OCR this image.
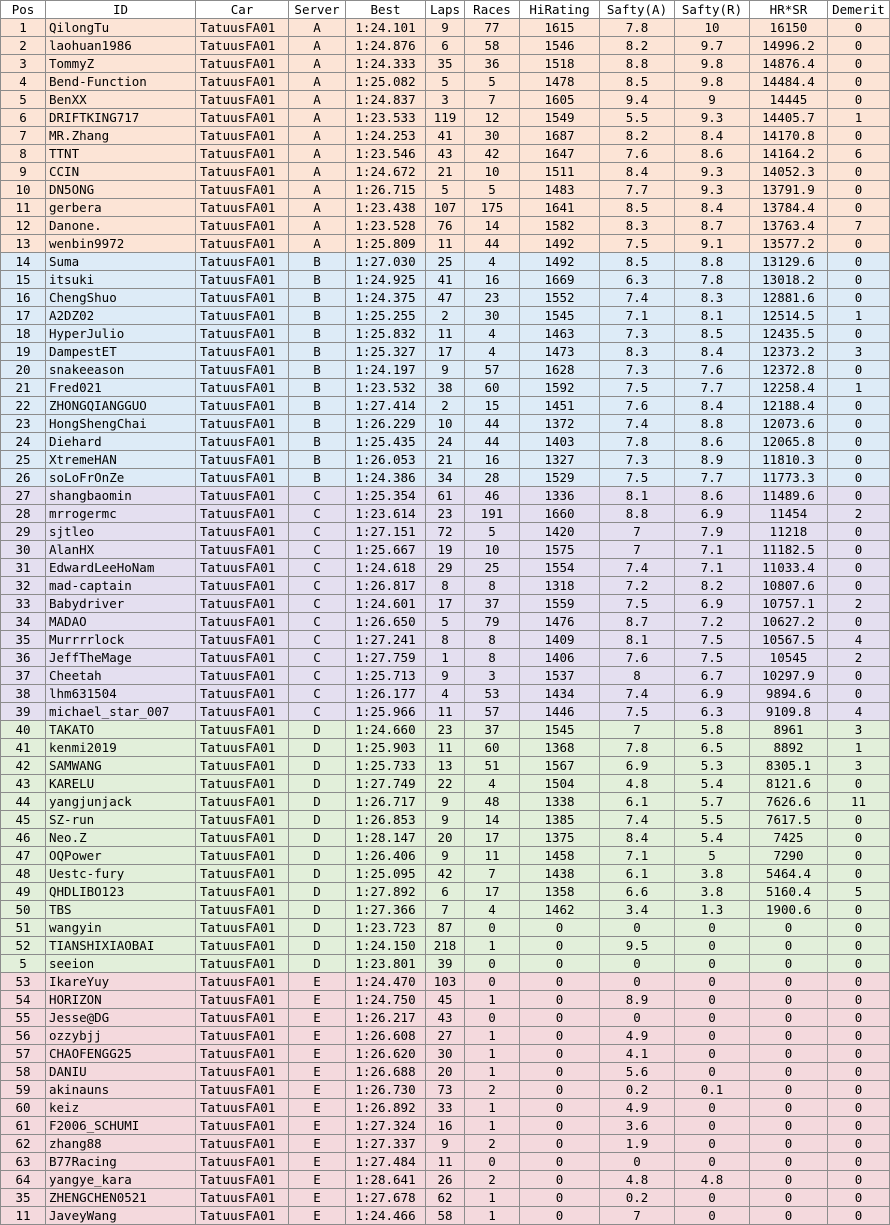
Pos	ID	Car	Server	Best	Laps	Races	HiRating	Safty(A)	Safty(R)	HR*SR	Demerit
1	QilongTu	TatuusFA01	A	1:24.101	9	77	1615	7.8	10	16150	0
2	laohuan1986	TatuusFA01	A	1:24.876	6	58	1546	8.2	9.7	14996.2	0
3	TommyZ	TatuusFA01	A	1:24.333	35	36	1518	8.8	9.8	14876.4	0
4	Bend-Function	TatuusFA01	A	1:25.082	5	5	1478	8.5	9.8	14484.4	0
5	BenXX	TatuusFA01	A	1:24.837	3	7	1605	9.4	9	14445	0
6	DRIFTKING717	TatuusFA01	A	1:23.533	119	12	1549	5.5	9.3	14405.7	1
7	MR.Zhang	TatuusFA01	A	1:24.253	41	30	1687	8.2	8.4	14170.8	0
8	TTNT	TatuusFA01	A	1:23.546	43	42	1647	7.6	8.6	14164.2	6
9	CCIN	TatuusFA01	A	1:24.672	21	10	1511	8.4	9.3	14052.3	0
10	DN5ONG	TatuusFA01	A	1:26.715	5	5	1483	7.7	9.3	13791.9	0
11	gerbera	TatuusFA01	A	1:23.438	107	175	1641	8.5	8.4	13784.4	0
12	Danone.	TatuusFA01	A	1:23.528	76	14	1582	8.3	8.7	13763.4	7
13	wenbin9972	TatuusFA01	A	1:25.809	11	44	1492	7.5	9.1	13577.2	0
14	Suma	TatuusFA01	B	1:27.030	25	4	1492	8.5	8.8	13129.6	0
15	itsuki	TatuusFA01	B	1:24.925	41	16	1669	6.3	7.8	13018.2	0
16	ChengShuo	TatuusFA01	B	1:24.375	47	23	1552	7.4	8.3	12881.6	0
17	A2DZ02	TatuusFA01	B	1:25.255	2	30	1545	7.1	8.1	12514.5	1
18	HyperJulio	TatuusFA01	B	1:25.832	11	4	1463	7.3	8.5	12435.5	0
19	DampestET	TatuusFA01	B	1:25.327	17	4	1473	8.3	8.4	12373.2	3
20	snakeeason	TatuusFA01	B	1:24.197	9	57	1628	7.3	7.6	12372.8	0
21	Fred021	TatuusFA01	B	1:23.532	38	60	1592	7.5	7.7	12258.4	1
22	ZHONGQIANGGUO	TatuusFA01	B	1:27.414	2	15	1451	7.6	8.4	12188.4	0
23	HongShengChai	TatuusFA01	B	1:26.229	10	44	1372	7.4	8.8	12073.6	0
24	Diehard	TatuusFA01	B	1:25.435	24	44	1403	7.8	8.6	12065.8	0
25	XtremeHAN	TatuusFA01	B	1:26.053	21	16	1327	7.3	8.9	11810.3	0
26	soLoFrOnZe	TatuusFA01	B	1:24.386	34	28	1529	7.5	7.7	11773.3	0
27	shangbaomin	TatuusFA01	C	1:25.354	61	46	1336	8.1	8.6	11489.6	0
28	mrrogermc	TatuusFA01	C	1:23.614	23	191	1660	8.8	6.9	11454	2
29	sjtleo	TatuusFA01	C	1:27.151	72	5	1420	7	7.9	11218	0
30	AlanHX	TatuusFA01	C	1:25.667	19	10	1575	7	7.1	11182.5	0
31	EdwardLeeHoNam	TatuusFA01	C	1:24.618	29	25	1554	7.4	7.1	11033.4	0
32	mad-captain	TatuusFA01	C	1:26.817	8	8	1318	7.2	8.2	10807.6	0
33	Babydriver	TatuusFA01	C	1:24.601	17	37	1559	7.5	6.9	10757.1	2
34	MADAO	TatuusFA01	C	1:26.650	5	79	1476	8.7	7.2	10627.2	0
35	Murrrrlock	TatuusFA01	C	1:27.241	8	8	1409	8.1	7.5	10567.5	4
36	JeffTheMage	TatuusFA01	C	1:27.759	1	8	1406	7.6	7.5	10545	2
37	Cheetah	TatuusFA01	C	1:25.713	9	3	1537	8	6.7	10297.9	0
38	lhm631504	TatuusFA01	C	1:26.177	4	53	1434	7.4	6.9	9894.6	0
39	michael_star_007	TatuusFA01	C	1:25.966	11	57	1446	7.5	6.3	9109.8	4
40	TAKATO	TatuusFA01	D	1:24.660	23	37	1545	7	5.8	8961	3
41	kenmi2019	TatuusFA01	D	1:25.903	11	60	1368	7.8	6.5	8892	1
42	SAMWANG	TatuusFA01	D	1:25.733	13	51	1567	6.9	5.3	8305.1	3
43	KARELU	TatuusFA01	D	1:27.749	22	4	1504	4.8	5.4	8121.6	0
44	yangjunjack	TatuusFA01	D	1:26.717	9	48	1338	6.1	5.7	7626.6	11
45	SZ-run	TatuusFA01	D	1:26.853	9	14	1385	7.4	5.5	7617.5	0
46	Neo.Z	TatuusFA01	D	1:28.147	20	17	1375	8.4	5.4	7425	0
47	OQPower	TatuusFA01	D	1:26.406	9	11	1458	7.1	5	7290	0
48	Uestc-fury	TatuusFA01	D	1:25.095	42	7	1438	6.1	3.8	5464.4	0
49	QHDLIBO123	TatuusFA01	D	1:27.892	6	17	1358	6.6	3.8	5160.4	5
50	TBS	TatuusFA01	D	1:27.366	7	4	1462	3.4	1.3	1900.6	0
51	wangyin	TatuusFA01	D	1:23.723	87	0	0	0	0	0	0
52	TIANSHIXIAOBAI	TatuusFA01	D	1:24.150	218	1	0	9.5	0	0	0
5	seeion	TatuusFA01	D	1:23.801	39	0	0	0	0	0	0
53	IkareYuy	TatuusFA01	E	1:24.470	103	0	0	0	0	0	0
54	HORIZON	TatuusFA01	E	1:24.750	45	1	0	8.9	0	0	0
55	Jesse@DG	TatuusFA01	E	1:26.217	43	0	0	0	0	0	0
56	ozzybjj	TatuusFA01	E	1:26.608	27	1	0	4.9	0	0	0
57	CHAOFENGG25	TatuusFA01	E	1:26.620	30	1	0	4.1	0	0	0
58	DANIU	TatuusFA01	E	1:26.688	20	1	0	5.6	0	0	0
59	akinauns	TatuusFA01	E	1:26.730	73	2	0	0.2	0.1	0	0
60	keiz	TatuusFA01	E	1:26.892	33	1	0	4.9	0	0	0
61	F2006_SCHUMI	TatuusFA01	E	1:27.324	16	1	0	3.6	0	0	0
62	zhang88	TatuusFA01	E	1:27.337	9	2	0	1.9	0	0	0
63	B77Racing	TatuusFA01	E	1:27.484	11	0	0	0	0	0	0
64	yangye_kara	TatuusFA01	E	1:28.641	26	2	0	4.8	4.8	0	0
35	ZHENGCHEN0521	TatuusFA01	E	1:27.678	62	1	0	0.2	0	0	0
11	JaveyWang	TatuusFA01	E	1:24.466	58	1	0	7	0	0	0
